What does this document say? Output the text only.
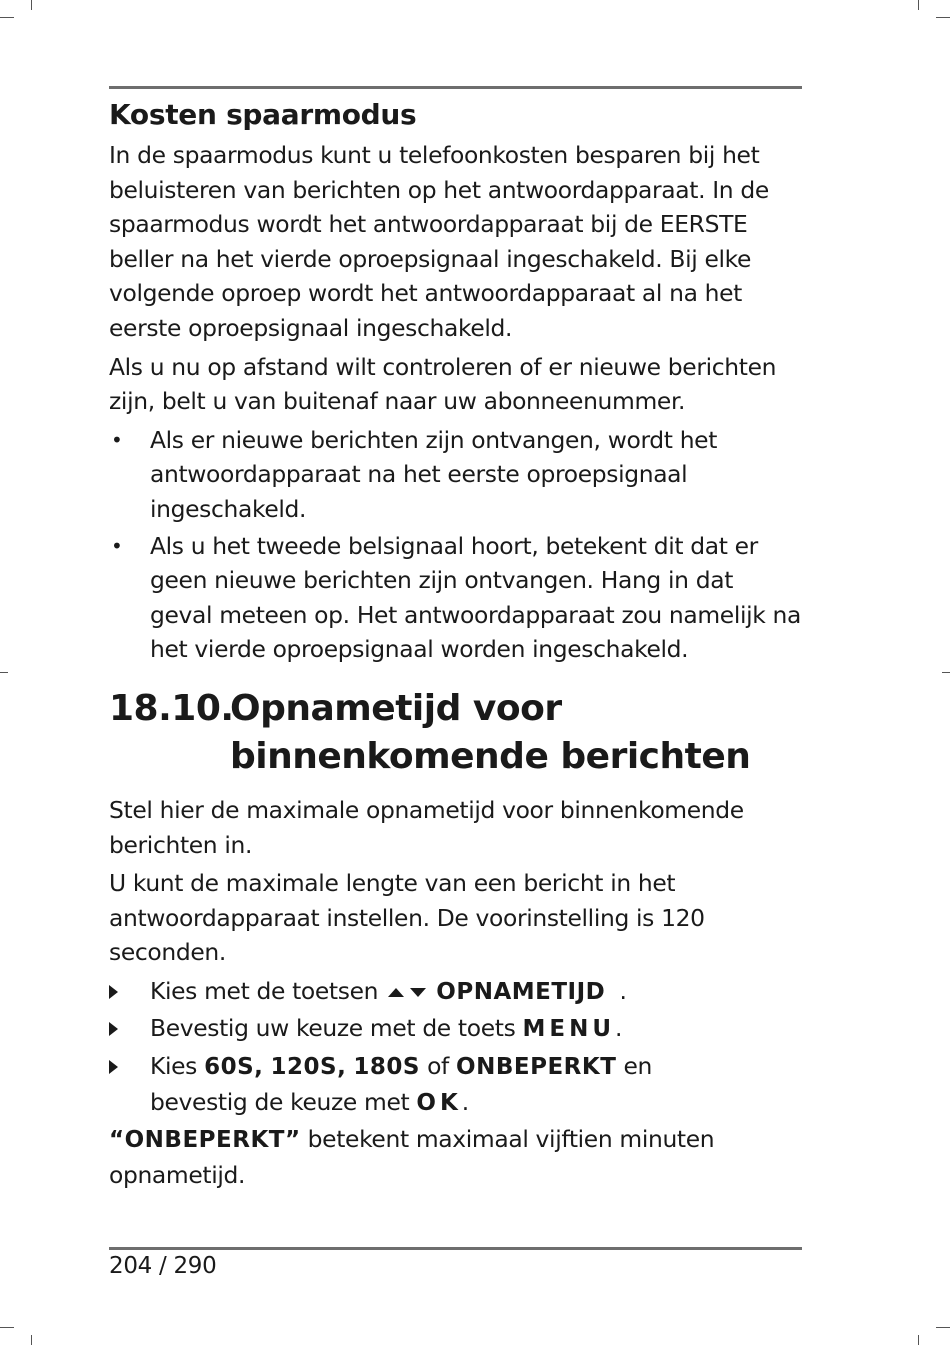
Kosten spaarmodus

In de spaarmodus kunt u telefoonkosten besparen bij het beluisteren van berichten op het antwoordapparaat. In de spaarmodus wordt het antwoordapparaat bij de EERSTE beller na het vierde oproepsignaal ingeschakeld. Bij elke volgende oproep wordt het antwoordapparaat al na het eerste oproepsignaal ingeschakeld.

Als u nu op afstand wilt controleren of er nieuwe berichten zijn, belt u van buitenaf naar uw abonneenummer.

• Als er nieuwe berichten zijn ontvangen, wordt het antwoordapparaat na het eerste oproepsignaal ingeschakeld.
• Als u het tweede belsignaal hoort, betekent dit dat er geen nieuwe berichten zijn ontvangen. Hang in dat geval meteen op. Het antwoordapparaat zou namelijk na het vierde oproepsignaal worden ingeschakeld.
18.10.
Opnametijd voor
binnenkomende berichten

Stel hier de maximale opnametijd voor binnenkomende berichten in.

U kunt de maximale lengte van een bericht in het antwoordapparaat instellen. De voorinstelling is 120 seconden.

Kies met de toetsen	OPNAMETIJD .
Bevestig uw keuze met de toets MENU.
Kies 60S, 120S, 180S of ONBEPERKT en
bevestig de keuze met OK.

“ONBEPERKT” betekent maximaal vijftien minuten opnametijd.

204 / 290
